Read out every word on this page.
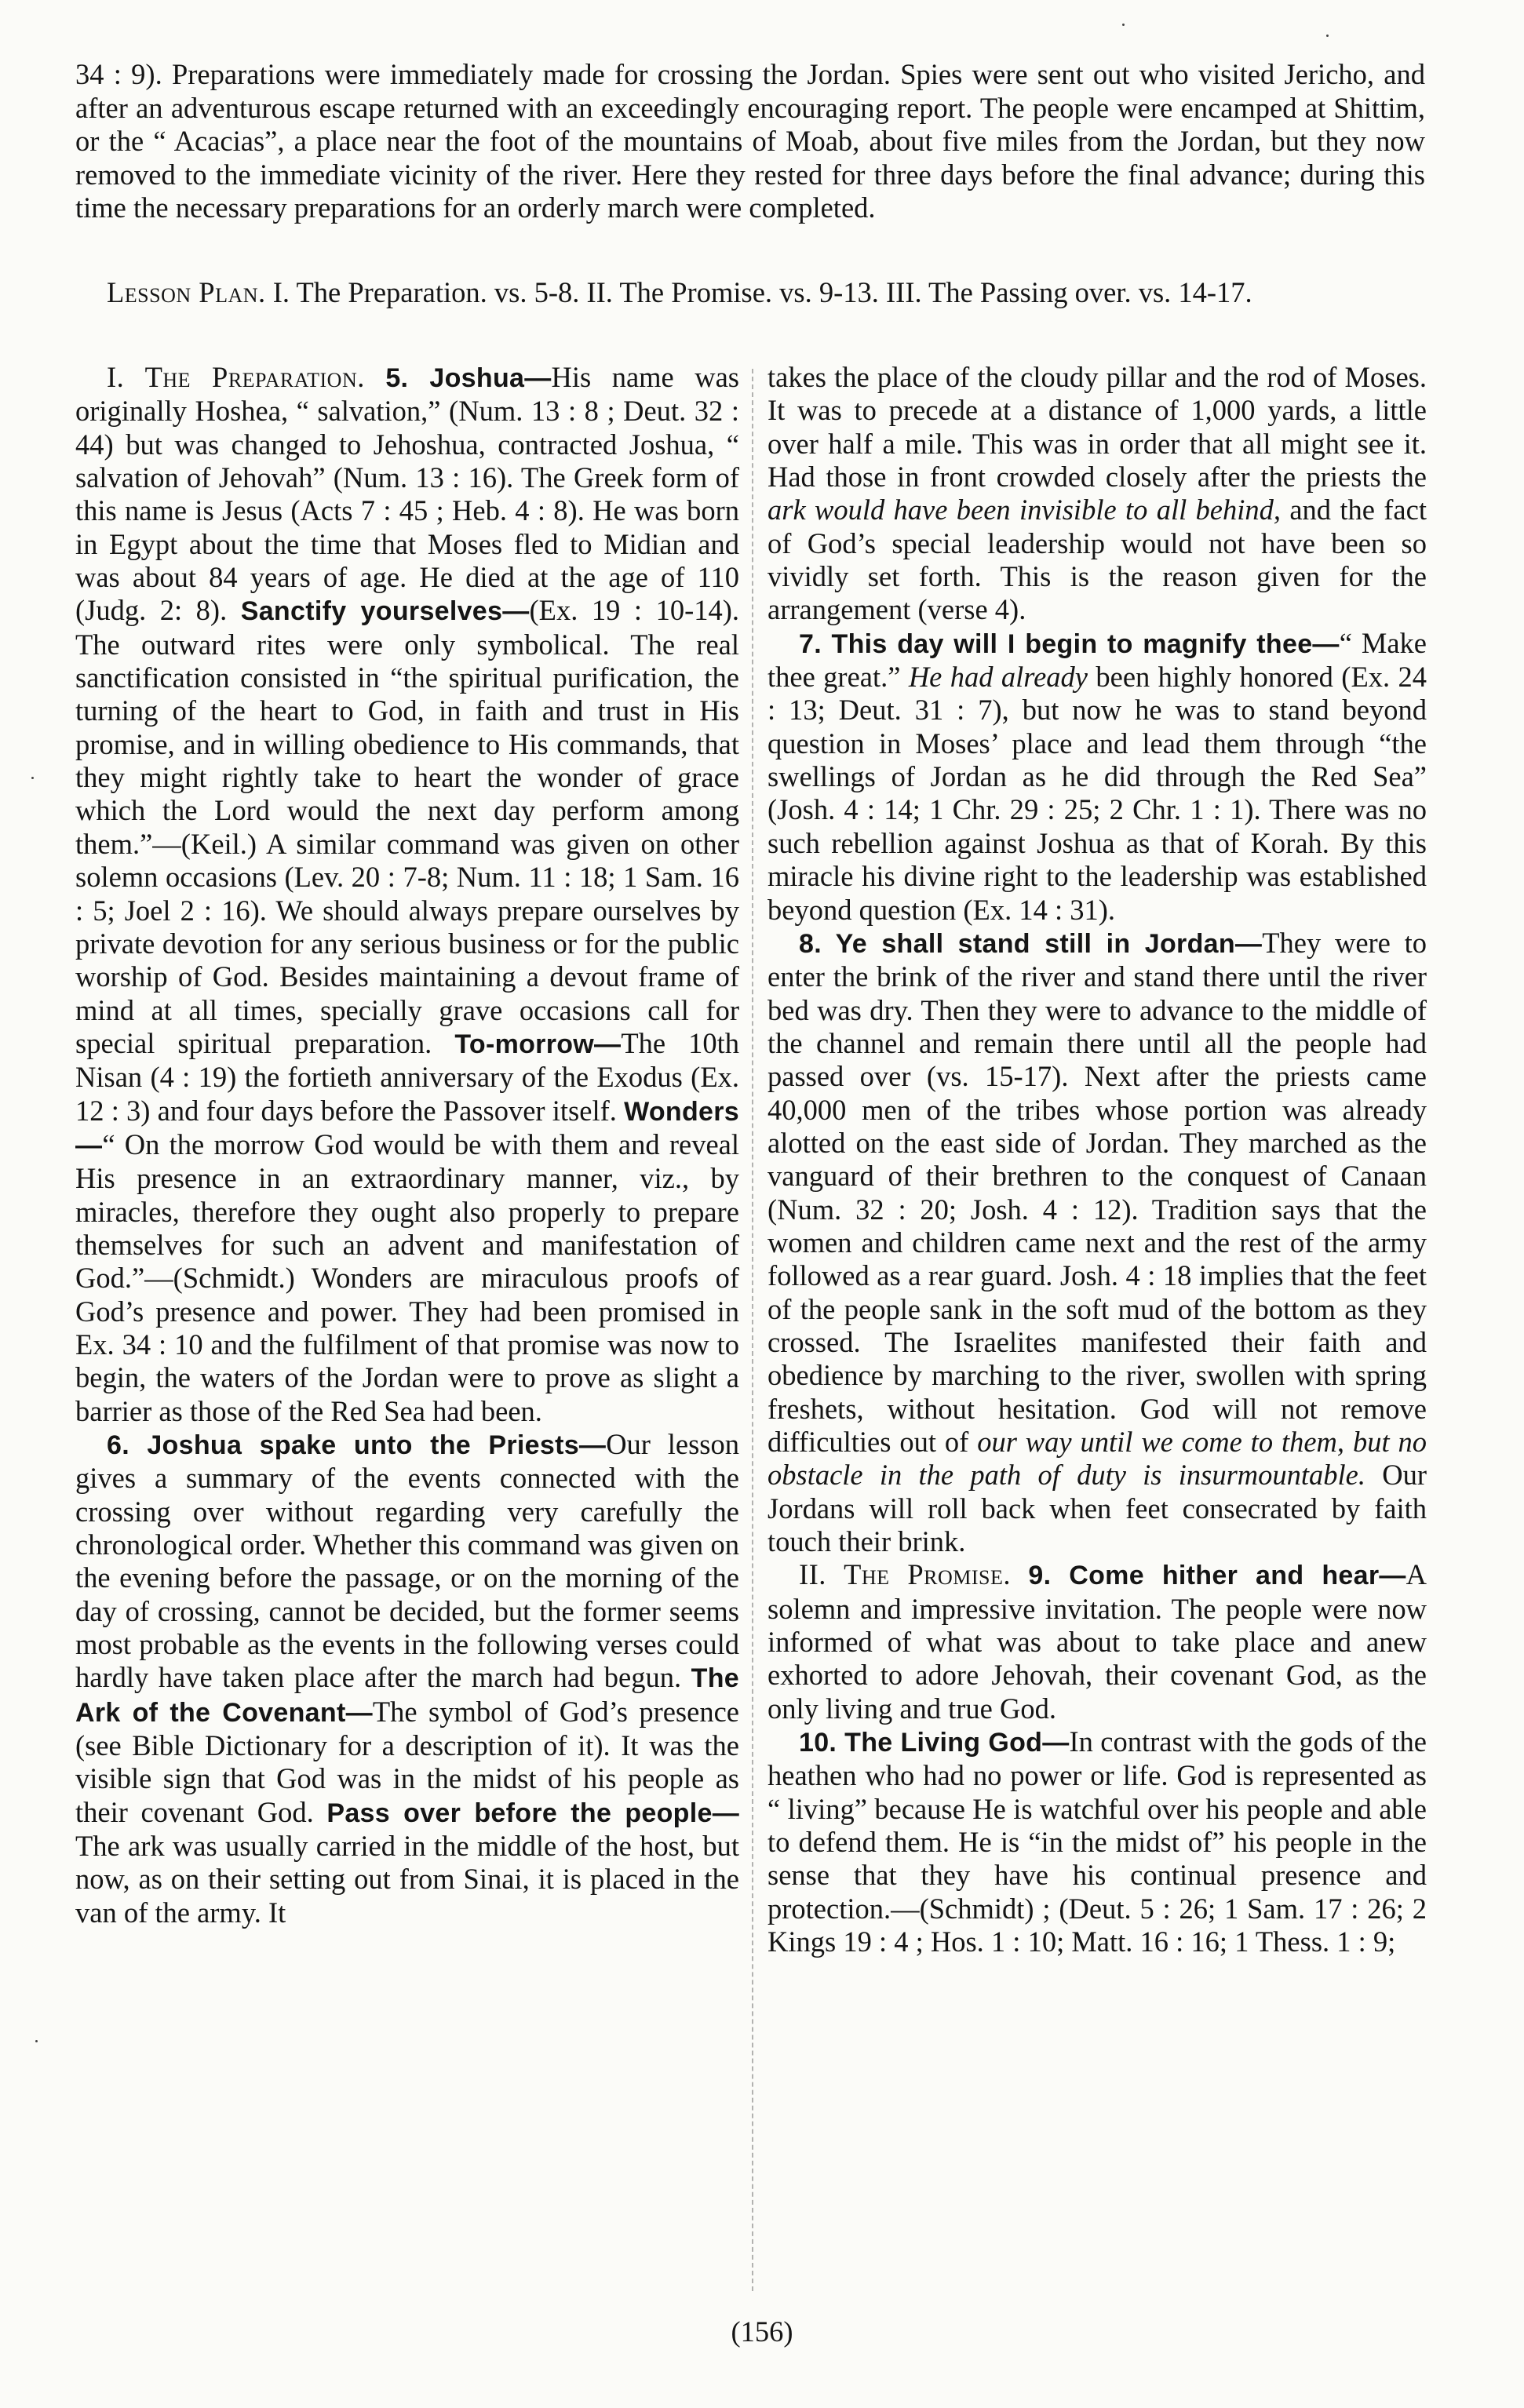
34 : 9). Preparations were immediately made for crossing the Jordan. Spies were sent out who visited Jericho, and after an adventurous escape returned with an exceedingly encouraging report. The people were encamped at Shittim, or the “ Acacias”, a place near the foot of the mountains of Moab, about five miles from the Jordan, but they now removed to the immediate vicinity of the river. Here they rested for three days before the final advance; during this time the necessary preparations for an orderly march were completed.

Lesson Plan. I. The Preparation. vs. 5-8. II. The Promise. vs. 9-13. III. The Passing over. vs. 14-17.

I. The Preparation. 5. Joshua—His name was originally Hoshea, “ salvation,” (Num. 13 : 8 ; Deut. 32 : 44) but was changed to Jehoshua, contracted Joshua, “ salvation of Jehovah” (Num. 13 : 16). The Greek form of this name is Jesus (Acts 7 : 45 ; Heb. 4 : 8). He was born in Egypt about the time that Moses fled to Midian and was about 84 years of age. He died at the age of 110 (Judg. 2: 8). Sanctify yourselves—(Ex. 19 : 10-14). The outward rites were only symbolical. The real sanctification consisted in “the spiritual purification, the turning of the heart to God, in faith and trust in His promise, and in willing obedience to His commands, that they might rightly take to heart the wonder of grace which the Lord would the next day perform among them.”—(Keil.) A similar command was given on other solemn occasions (Lev. 20 : 7-8; Num. 11 : 18; 1 Sam. 16 : 5; Joel 2 : 16). We should always prepare ourselves by private devotion for any serious business or for the public worship of God. Besides maintaining a devout frame of mind at all times, specially grave occasions call for special spiritual preparation. To-morrow—The 10th Nisan (4 : 19) the fortieth anniversary of the Exodus (Ex. 12 : 3) and four days before the Passover itself. Wonders—“ On the morrow God would be with them and reveal His presence in an extraordinary manner, viz., by miracles, therefore they ought also properly to prepare themselves for such an advent and manifestation of God.”—(Schmidt.) Wonders are miraculous proofs of God’s presence and power. They had been promised in Ex. 34 : 10 and the fulfilment of that promise was now to begin, the waters of the Jordan were to prove as slight a barrier as those of the Red Sea had been.

6. Joshua spake unto the Priests—Our lesson gives a summary of the events connected with the crossing over without regarding very carefully the chronological order. Whether this command was given on the evening before the passage, or on the morning of the day of crossing, cannot be decided, but the former seems most probable as the events in the following verses could hardly have taken place after the march had begun. The Ark of the Covenant—The symbol of God’s presence (see Bible Dictionary for a description of it). It was the visible sign that God was in the midst of his people as their covenant God. Pass over before the people—The ark was usually carried in the middle of the host, but now, as on their setting out from Sinai, it is placed in the van of the army. It

takes the place of the cloudy pillar and the rod of Moses. It was to precede at a distance of 1,000 yards, a little over half a mile. This was in order that all might see it. Had those in front crowded closely after the priests the ark would have been invisible to all behind, and the fact of God’s special leadership would not have been so vividly set forth. This is the reason given for the arrangement (verse 4).

7. This day will I begin to magnify thee—“ Make thee great.” He had already been highly honored (Ex. 24 : 13; Deut. 31 : 7), but now he was to stand beyond question in Moses’ place and lead them through “the swellings of Jordan as he did through the Red Sea” (Josh. 4 : 14; 1 Chr. 29 : 25; 2 Chr. 1 : 1). There was no such rebellion against Joshua as that of Korah. By this miracle his divine right to the leadership was established beyond question (Ex. 14 : 31).

8. Ye shall stand still in Jordan—They were to enter the brink of the river and stand there until the river bed was dry. Then they were to advance to the middle of the channel and remain there until all the people had passed over (vs. 15-17). Next after the priests came 40,000 men of the tribes whose portion was already alotted on the east side of Jordan. They marched as the vanguard of their brethren to the conquest of Canaan (Num. 32 : 20; Josh. 4 : 12). Tradition says that the women and children came next and the rest of the army followed as a rear guard. Josh. 4 : 18 implies that the feet of the people sank in the soft mud of the bottom as they crossed. The Israelites manifested their faith and obedience by marching to the river, swollen with spring freshets, without hesitation. God will not remove difficulties out of our way until we come to them, but no obstacle in the path of duty is insurmountable. Our Jordans will roll back when feet consecrated by faith touch their brink.

II. The Promise. 9. Come hither and hear—A solemn and impressive invitation. The people were now informed of what was about to take place and anew exhorted to adore Jehovah, their covenant God, as the only living and true God.

10. The Living God—In contrast with the gods of the heathen who had no power or life. God is represented as “ living” because He is watchful over his people and able to defend them. He is “in the midst of” his people in the sense that they have his continual presence and protection.—(Schmidt) ; (Deut. 5 : 26; 1 Sam. 17 : 26; 2 Kings 19 : 4 ; Hos. 1 : 10; Matt. 16 : 16; 1 Thess. 1 : 9;

(156)
